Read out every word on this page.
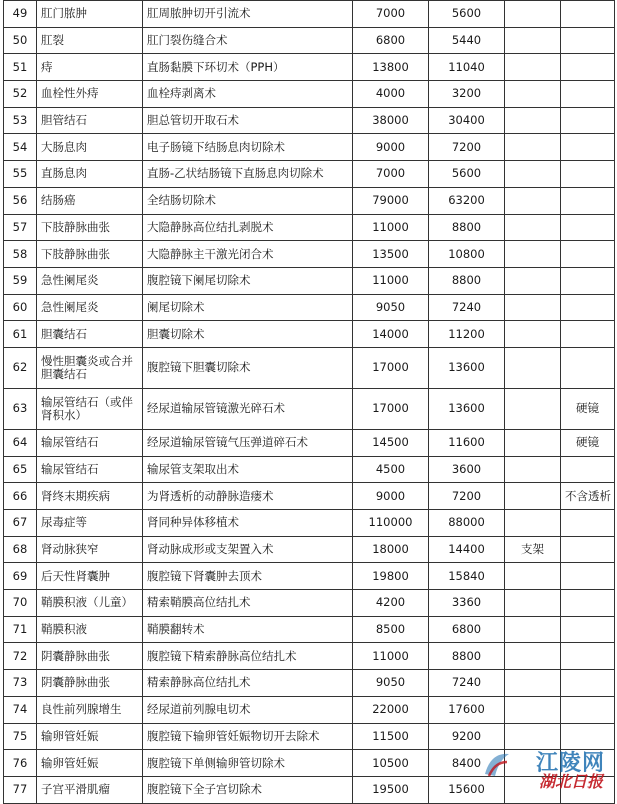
49	肛门脓肿	肛周脓肿切开引流术	7000	5600		
50	肛裂	肛门裂伤缝合术	6800	5440		
51	痔	直肠黏膜下环切术（PPH）	13800	11040		
52	血栓性外痔	血栓痔剥离术	4000	3200		
53	胆管结石	胆总管切开取石术	38000	30400		
54	大肠息肉	电子肠镜下结肠息肉切除术	9000	7200		
55	直肠息肉	直肠-乙状结肠镜下直肠息肉切除术	7000	5600		
56	结肠癌	全结肠切除术	79000	63200		
57	下肢静脉曲张	大隐静脉高位结扎剥脱术	11000	8800		
58	下肢静脉曲张	大隐静脉主干激光闭合术	13500	10800		
59	急性阑尾炎	腹腔镜下阑尾切除术	11000	8800		
60	急性阑尾炎	阑尾切除术	9050	7240		
61	胆囊结石	胆囊切除术	14000	11200		
62	慢性胆囊炎或合并胆囊结石	腹腔镜下胆囊切除术	17000	13600		
63	输尿管结石（或伴肾积水）	经尿道输尿管镜激光碎石术	17000	13600		硬镜
64	输尿管结石	经尿道输尿管镜气压弹道碎石术	14500	11600		硬镜
65	输尿管结石	输尿管支架取出术	4500	3600		
66	肾终末期疾病	为肾透析的动静脉造瘘术	9000	7200		不含透析
67	尿毒症等	肾同种异体移植术	110000	88000		
68	肾动脉狭窄	肾动脉成形或支架置入术	18000	14400	支架	
69	后天性肾囊肿	腹腔镜下肾囊肿去顶术	19800	15840		
70	鞘膜积液（儿童）	精索鞘膜高位结扎术	4200	3360		
71	鞘膜积液	鞘膜翻转术	8500	6800		
72	阴囊静脉曲张	腹腔镜下精索静脉高位结扎术	11000	8800		
73	阴囊静脉曲张	精索静脉高位结扎术	9050	7240		
74	良性前列腺增生	经尿道前列腺电切术	22000	17600		
75	输卵管妊娠	腹腔镜下输卵管妊娠物切开去除术	11500	9200		
76	输卵管妊娠	腹腔镜下单侧输卵管切除术	10500	8400		
77	子宫平滑肌瘤	腹腔镜下全子宫切除术	19500	15600		
江陵网
湖北日报
